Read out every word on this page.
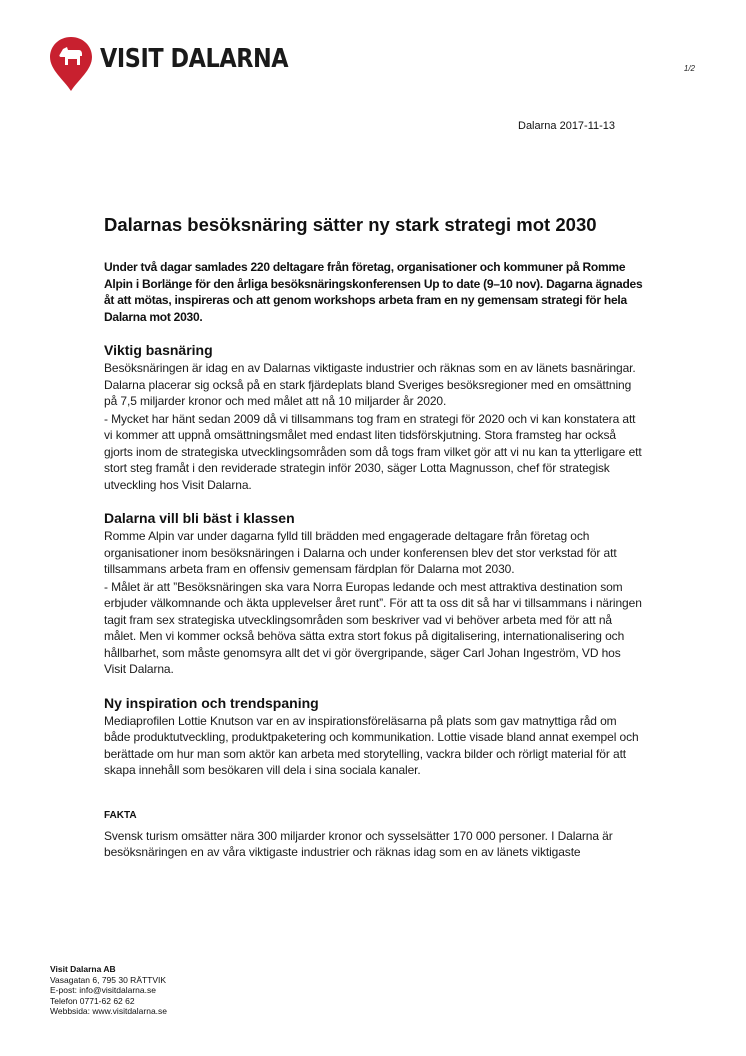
VISIT DALARNA	1/2
Dalarna 2017-11-13
Dalarnas besöksnäring sätter ny stark strategi mot 2030

Under två dagar samlades 220 deltagare från företag, organisationer och kommuner på Romme Alpin i Borlänge för den årliga besöksnäringskonferensen Up to date (9–10 nov). Dagarna ägnades åt att mötas, inspireras och att genom workshops arbeta fram en ny gemensam strategi för hela Dalarna mot 2030.

Viktig basnäring

Besöksnäringen är idag en av Dalarnas viktigaste industrier och räknas som en av länets basnäringar. Dalarna placerar sig också på en stark fjärdeplats bland Sveriges besöksregioner med en omsättning på 7,5 miljarder kronor och med målet att nå 10 miljarder år 2020.

- Mycket har hänt sedan 2009 då vi tillsammans tog fram en strategi för 2020 och vi kan konstatera att vi kommer att uppnå omsättningsmålet med endast liten tidsförskjutning. Stora framsteg har också gjorts inom de strategiska utvecklingsområden som då togs fram vilket gör att vi nu kan ta ytterligare ett stort steg framåt i den reviderade strategin inför 2030, säger Lotta Magnusson, chef för strategisk utveckling hos Visit Dalarna.

Dalarna vill bli bäst i klassen

Romme Alpin var under dagarna fylld till brädden med engagerade deltagare från företag och organisationer inom besöksnäringen i Dalarna och under konferensen blev det stor verkstad för att tillsammans arbeta fram en offensiv gemensam färdplan för Dalarna mot 2030.

- Målet är att ”Besöksnäringen ska vara Norra Europas ledande och mest attraktiva destination som erbjuder välkomnande och äkta upplevelser året runt”. För att ta oss dit så har vi tillsammans i näringen tagit fram sex strategiska utvecklingsområden som beskriver vad vi behöver arbeta med för att nå målet. Men vi kommer också behöva sätta extra stort fokus på digitalisering, internationalisering och hållbarhet, som måste genomsyra allt det vi gör övergripande, säger Carl Johan Ingeström, VD hos Visit Dalarna.

Ny inspiration och trendspaning

Mediaprofilen Lottie Knutson var en av inspirationsföreläsarna på plats som gav matnyttiga råd om både produktutveckling, produktpaketering och kommunikation. Lottie visade bland annat exempel och berättade om hur man som aktör kan arbeta med storytelling, vackra bilder och rörligt material för att skapa innehåll som besökaren vill dela i sina sociala kanaler.

FAKTA

Svensk turism omsätter nära 300 miljarder kronor och sysselsätter 170 000 personer. I Dalarna är besöksnäringen en av våra viktigaste industrier och räknas idag som en av länets viktigaste

Visit Dalarna AB
Vasagatan 6, 795 30 RÄTTVIK
E-post: info@visitdalarna.se
Telefon 0771-62 62 62
Webbsida: www.visitdalarna.se
